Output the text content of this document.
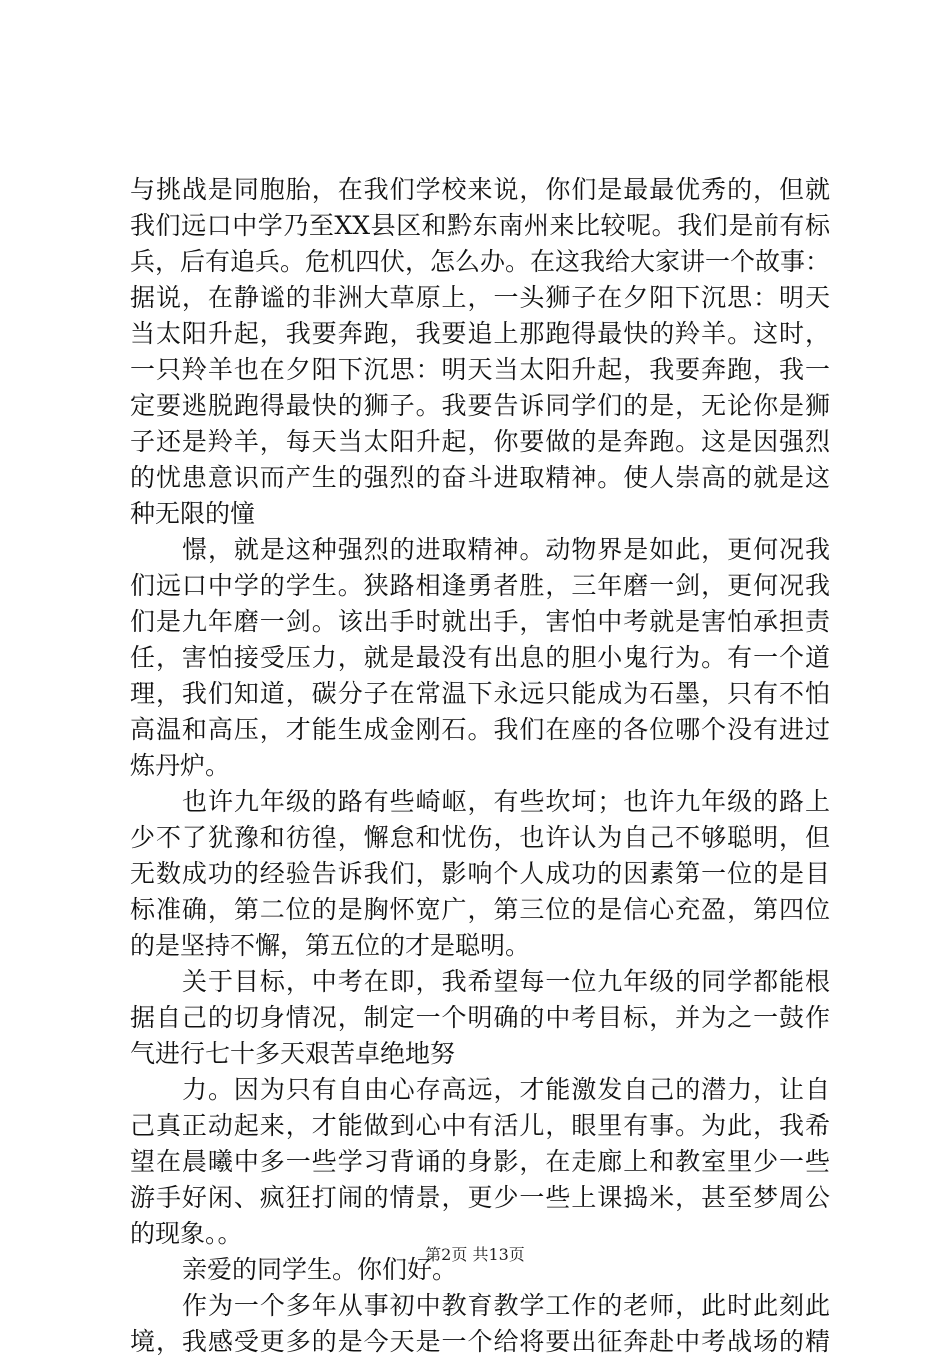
与挑战是同胞胎，在我们学校来说，你们是最最优秀的，但就
我们远口中学乃至XX县区和黔东南州来比较呢。我们是前有标
兵，后有追兵。危机四伏，怎么办。在这我给大家讲一个故事：
据说，在静谧的非洲大草原上，一头狮子在夕阳下沉思：明天
当太阳升起，我要奔跑，我要追上那跑得最快的羚羊。这时，
一只羚羊也在夕阳下沉思：明天当太阳升起，我要奔跑，我一
定要逃脱跑得最快的狮子。我要告诉同学们的是，无论你是狮
子还是羚羊，每天当太阳升起，你要做的是奔跑。这是因强烈
的忧患意识而产生的强烈的奋斗进取精神。使人崇高的就是这
种无限的憧
憬，就是这种强烈的进取精神。动物界是如此，更何况我
们远口中学的学生。狭路相逢勇者胜，三年磨一剑，更何况我
们是九年磨一剑。该出手时就出手，害怕中考就是害怕承担责
任，害怕接受压力，就是最没有出息的胆小鬼行为。有一个道
理，我们知道，碳分子在常温下永远只能成为石墨，只有不怕
高温和高压，才能生成金刚石。我们在座的各位哪个没有进过
炼丹炉。
也许九年级的路有些崎岖，有些坎坷；也许九年级的路上
少不了犹豫和彷徨，懈怠和忧伤，也许认为自己不够聪明，但
无数成功的经验告诉我们，影响个人成功的因素第一位的是目
标准确，第二位的是胸怀宽广，第三位的是信心充盈，第四位
的是坚持不懈，第五位的才是聪明。
关于目标，中考在即，我希望每一位九年级的同学都能根
据自己的切身情况，制定一个明确的中考目标，并为之一鼓作
气进行七十多天艰苦卓绝地努
力。因为只有自由心存高远，才能激发自己的潜力，让自
己真正动起来，才能做到心中有活儿，眼里有事。为此，我希
望在晨曦中多一些学习背诵的身影，在走廊上和教室里少一些
游手好闲、疯狂打闹的情景，更少一些上课捣米，甚至梦周公
的现象。。
亲爱的同学生。你们好。
作为一个多年从事初中教育教学工作的老师，此时此刻此
境，我感受更多的是今天是一个给将要出征奔赴中考战场的精
第2页 共13页
